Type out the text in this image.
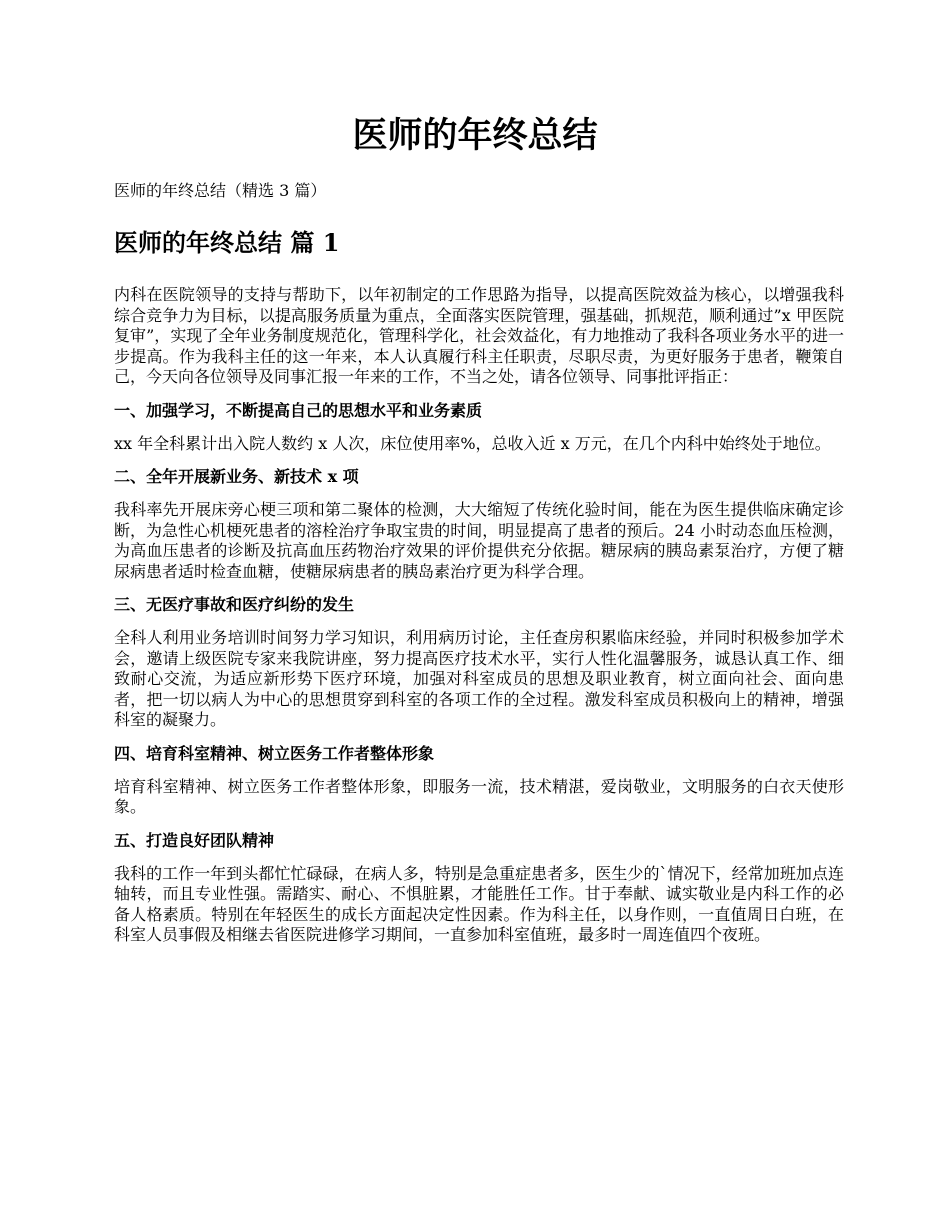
医师的年终总结

医师的年终总结（精选 3 篇）

医师的年终总结 篇 1

内科在医院领导的支持与帮助下，以年初制定的工作思路为指导，以提高医院效益为核心，以增强我科综合竞争力为目标，以提高服务质量为重点，全面落实医院管理，强基础，抓规范，顺利通过”x 甲医院复审”，实现了全年业务制度规范化，管理科学化，社会效益化，有力地推动了我科各项业务水平的进一步提高。作为我科主任的这一年来，本人认真履行科主任职责，尽职尽责，为更好服务于患者，鞭策自己，今天向各位领导及同事汇报一年来的工作，不当之处，请各位领导、同事批评指正：

一、加强学习，不断提高自己的思想水平和业务素质

xx 年全科累计出入院人数约 x 人次，床位使用率%，总收入近 x 万元，在几个内科中始终处于地位。

二、全年开展新业务、新技术 x 项

我科率先开展床旁心梗三项和第二聚体的检测，大大缩短了传统化验时间，能在为医生提供临床确定诊断，为急性心机梗死患者的溶栓治疗争取宝贵的时间，明显提高了患者的预后。24 小时动态血压检测，为高血压患者的诊断及抗高血压药物治疗效果的评价提供充分依据。糖尿病的胰岛素泵治疗，方便了糖尿病患者适时检查血糖，使糖尿病患者的胰岛素治疗更为科学合理。

三、无医疗事故和医疗纠纷的发生

全科人利用业务培训时间努力学习知识，利用病历讨论，主任查房积累临床经验，并同时积极参加学术会，邀请上级医院专家来我院讲座，努力提高医疗技术水平，实行人性化温馨服务，诚恳认真工作、细致耐心交流，为适应新形势下医疗环境，加强对科室成员的思想及职业教育，树立面向社会、面向患者，把一切以病人为中心的思想贯穿到科室的各项工作的全过程。激发科室成员积极向上的精神，增强科室的凝聚力。

四、培育科室精神、树立医务工作者整体形象

培育科室精神、树立医务工作者整体形象，即服务一流，技术精湛，爱岗敬业，文明服务的白衣天使形象。

五、打造良好团队精神

我科的工作一年到头都忙忙碌碌，在病人多，特别是急重症患者多，医生少的`情况下，经常加班加点连轴转，而且专业性强。需踏实、耐心、不惧脏累，才能胜任工作。甘于奉献、诚实敬业是内科工作的必备人格素质。特别在年轻医生的成长方面起决定性因素。作为科主任，以身作则，一直值周日白班，在科室人员事假及相继去省医院进修学习期间，一直参加科室值班，最多时一周连值四个夜班。
